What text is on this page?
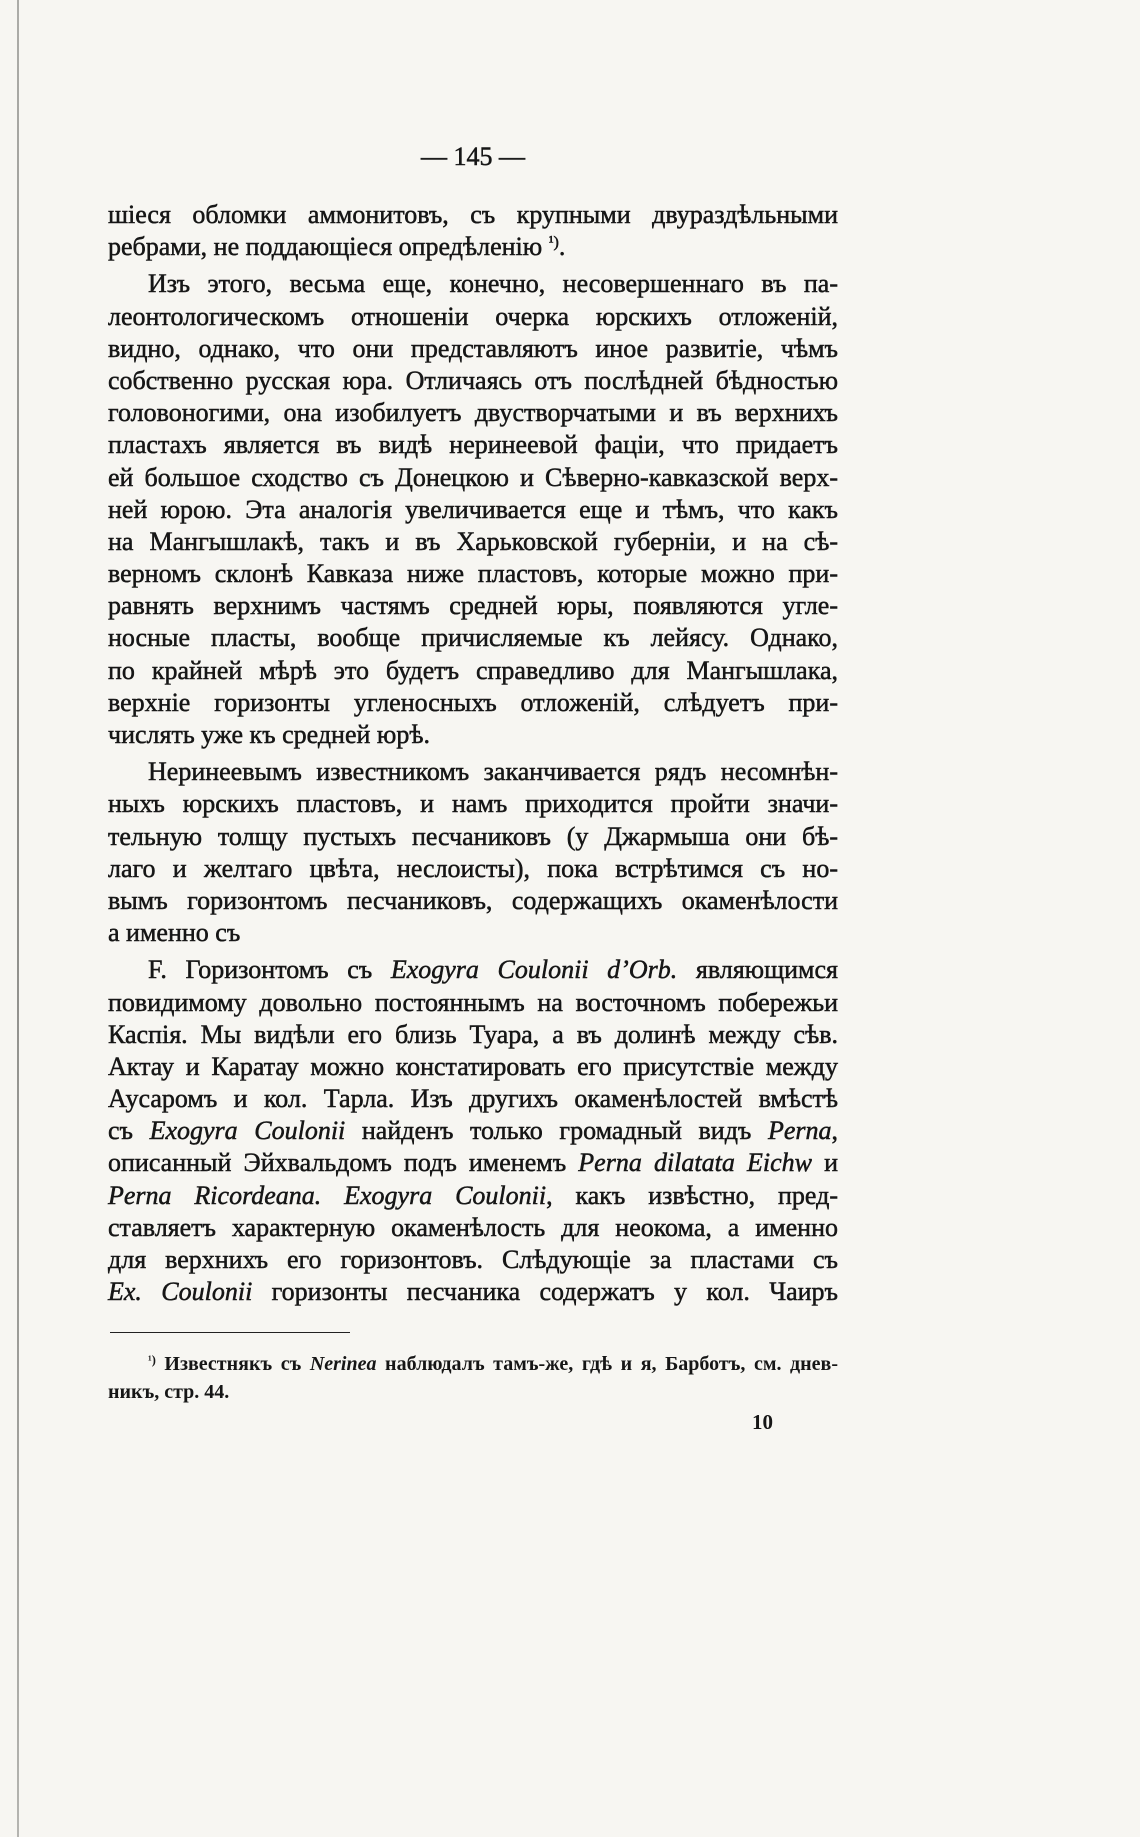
— 145 —
шіеся обломки аммонитовъ, съ крупными двураздѣльными
ребрами, не поддающіеся опредѣленію $^{^1)}$.
Изъ этого, весьма еще, конечно, несовершеннаго въ па-
леонтологическомъ отношеніи очерка юрскихъ отложеній,
видно, однако, что они представляютъ иное развитіе, чѣмъ
собственно русская юра. Отличаясь отъ послѣдней бѣдностью
головоногими, она изобилуетъ двустворчатыми и въ верхнихъ
пластахъ является въ видѣ неринеевой фаціи, что придаетъ
ей большое сходство съ Донецкою и Сѣверно-кавказской верх-
ней юрою. Эта аналогія увеличивается еще и тѣмъ, что какъ
на Мангышлакѣ, такъ и въ Харьковской губерніи, и на сѣ-
верномъ склонѣ Кавказа ниже пластовъ, которые можно при-
равнять верхнимъ частямъ средней юры, появляются угле-
носные пласты, вообще причисляемые къ лейясу. Однако,
по крайней мѣрѣ это будетъ справедливо для Мангышлака,
верхніе горизонты угленосныхъ отложеній, слѣдуетъ при-
числять уже къ средней юрѣ.
Неринеевымъ известникомъ заканчивается рядъ несомнѣн-
ныхъ юрскихъ пластовъ, и намъ приходится пройти значи-
тельную толщу пустыхъ песчаниковъ (у Джармыша они бѣ-
лаго и желтаго цвѣта, неслоисты), пока встрѣтимся съ но-
вымъ горизонтомъ песчаниковъ, содержащихъ окаменѣлости
а именно съ
F. Горизонтомъ съ Exogyra Coulonii d’Orb. являющимся
повидимому довольно постояннымъ на восточномъ побережьи
Каспія. Мы видѣли его близь Туара, а въ долинѣ между сѣв.
Актау и Каратау можно констатировать его присутствіе между
Аусаромъ и кол. Тарла. Изъ другихъ окаменѣлостей вмѣстѣ
съ Exogyra Coulonii найденъ только громадный видъ Perna,
описанный Эйхвальдомъ подъ именемъ Perna dilatata Eichw и
Perna Ricordeana. Exogyra Coulonii, какъ извѣстно, пред-
ставляетъ характерную окаменѣлость для неокома, а именно
для верхнихъ его горизонтовъ. Слѣдующіе за пластами съ
Ex. Coulonii горизонты песчаника содержатъ у кол. Чаиръ
$^{^1)}$ Известнякъ съ Nerinea наблюдалъ тамъ-же, гдѣ и я, Барботъ, см. днев-
никъ, стр. 44.
10
